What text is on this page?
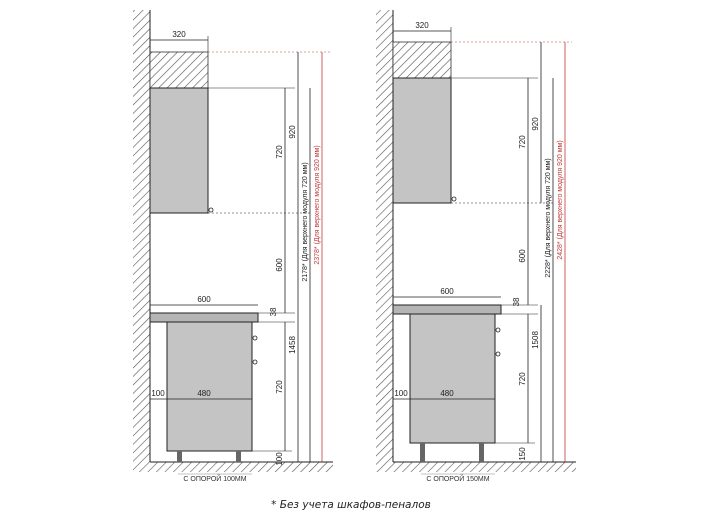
320
720
920
600
600
38
1458
720
100
2178* (Для верхнего модуля 720 мм) 2378* (Для верхнего модуля 920 мм)
100	480
С ОПОРОЙ 100ММ
320
720
920
600
600
38
1508
720
150
2228* (Для верхнего модуля 720 мм) 2428* (Для верхнего модуля 920 мм)
100	480
С ОПОРОЙ 150ММ
* Без учета шкафов-пеналов
